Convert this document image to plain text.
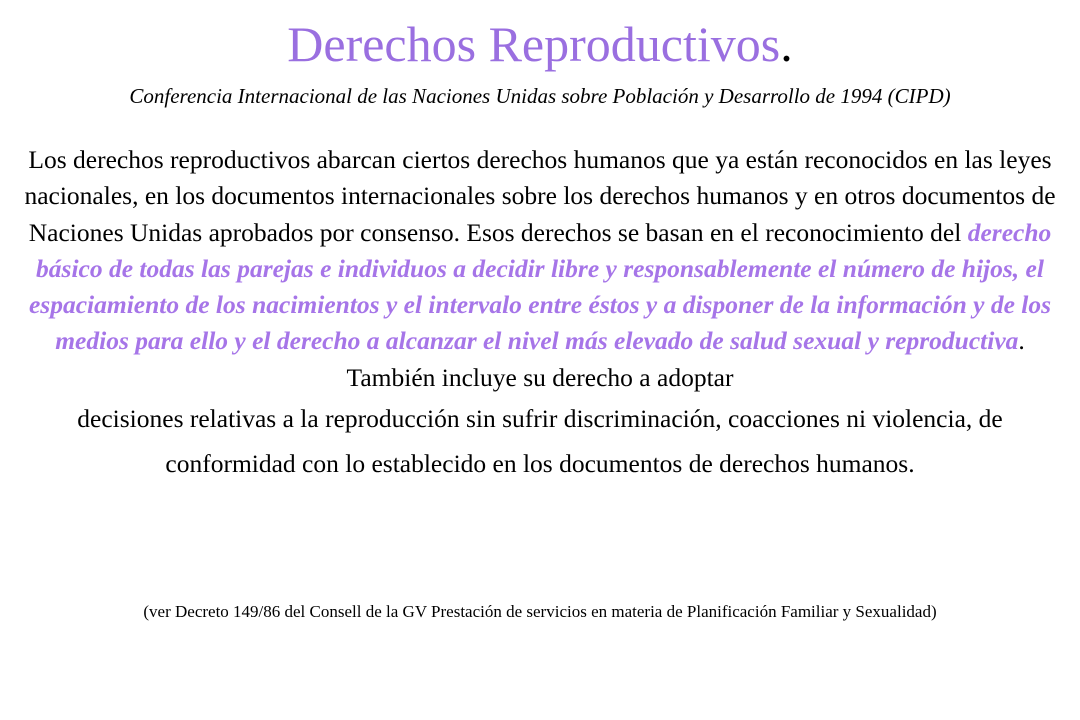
Derechos Reproductivos.

Conferencia Internacional de las Naciones Unidas sobre Población y Desarrollo de 1994 (CIPD)

Los derechos reproductivos abarcan ciertos derechos humanos que ya están reconocidos en las leyes nacionales, en los documentos internacionales sobre los derechos humanos y en otros documentos de Naciones Unidas aprobados por consenso. Esos derechos se basan en el reconocimiento del derecho básico de todas las parejas e individuos a decidir libre y responsablemente el número de hijos, el espaciamiento de los nacimientos y el intervalo entre éstos y a disponer de la información y de los medios para ello y el derecho a alcanzar el nivel más elevado de salud sexual y reproductiva. También incluye su derecho a adoptar
decisiones relativas a la reproducción sin sufrir discriminación, coacciones ni violencia, de conformidad con lo establecido en los documentos de derechos humanos.

(ver Decreto 149/86 del Consell de la GV Prestación de servicios en materia de Planificación Familiar y Sexualidad)
